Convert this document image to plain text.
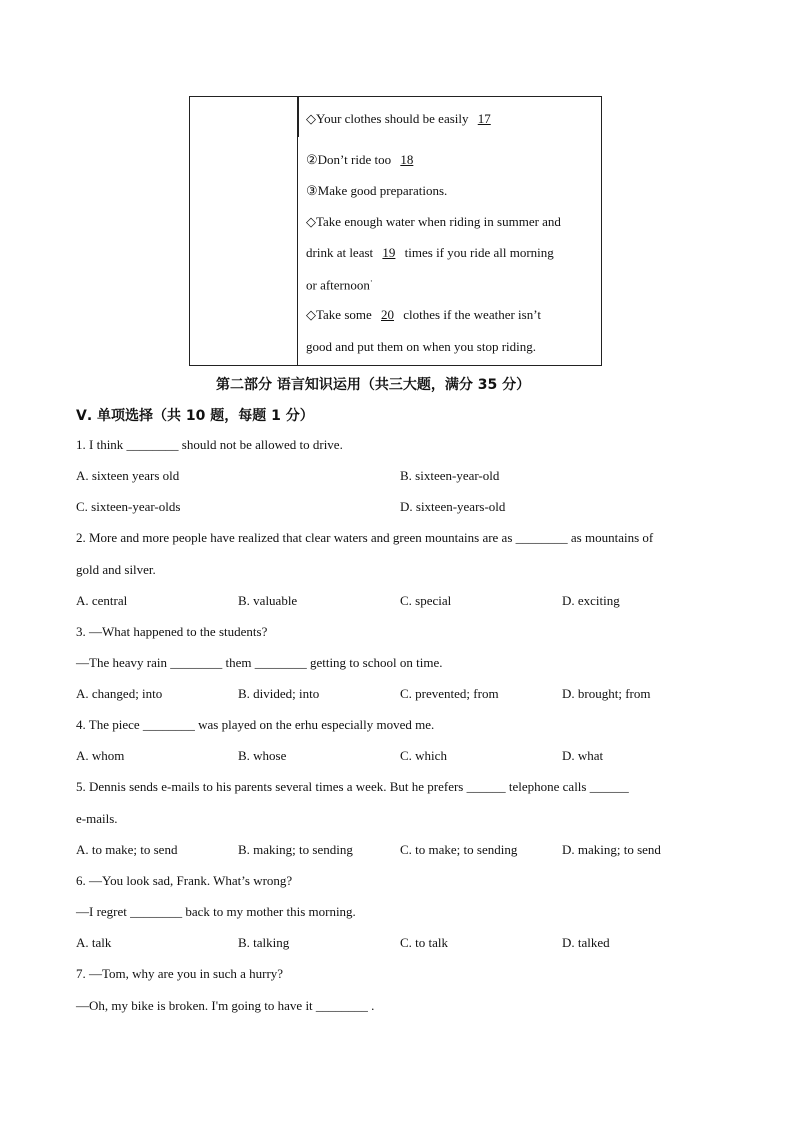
◇Your clothes should be easily 17
②Don’t ride too 18
③Make good preparations.
◇Take enough water when riding in summer and
drink at least 19 times if you ride all morning
or afternoon·
◇Take some 20 clothes if the weather isn’t
good and put them on when you stop riding.
第二部分 语言知识运用（共三大题，满分 35 分）
Ⅴ. 单项选择（共 10 题，每题 1 分）
1. I think ________ should not be allowed to drive.
A. sixteen years old	B. sixteen-year-old
C. sixteen-year-olds	D. sixteen-years-old
2. More and more people have realized that clear waters and green mountains are as ________ as mountains of
gold and silver.
A. central	B. valuable	C. special	D. exciting
3. —What happened to the students?
—The heavy rain ________ them ________ getting to school on time.
A. changed; into	B. divided; into	C. prevented; from	D. brought; from
4. The piece ________ was played on the erhu especially moved me.
A. whom	B. whose	C. which	D. what
5. Dennis sends e-mails to his parents several times a week. But he prefers ______ telephone calls ______
e-mails.
A. to make; to send	B. making; to sending	C. to make; to sending	D. making; to send
6. —You look sad, Frank. What’s wrong?
—I regret ________ back to my mother this morning.
A. talk	B. talking	C. to talk	D. talked
7. —Tom, why are you in such a hurry?
—Oh, my bike is broken. I'm going to have it ________ .
